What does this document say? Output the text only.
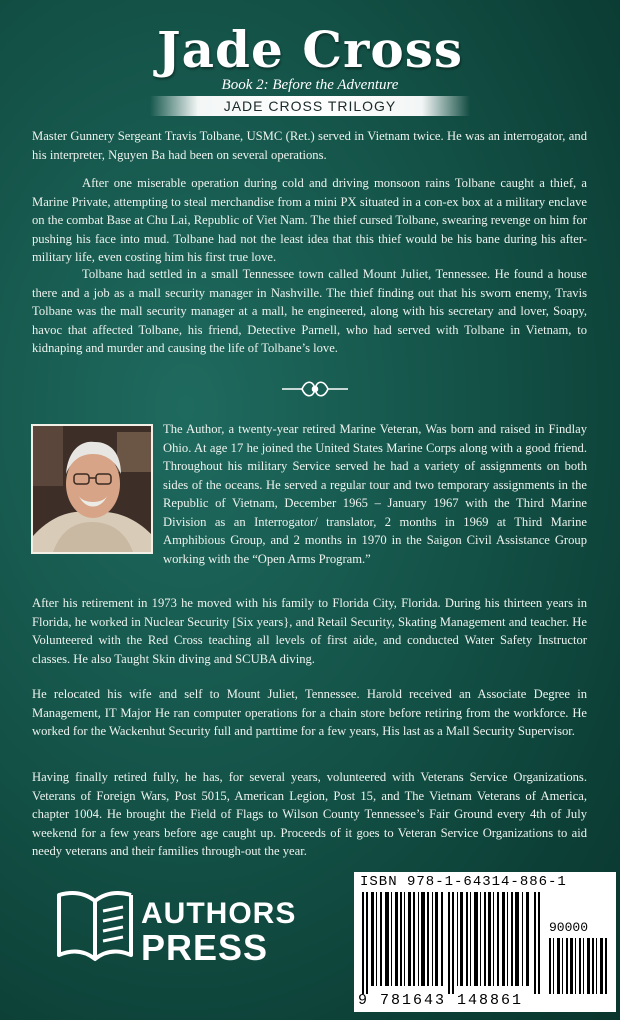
Jade Cross
Book 2: Before the Adventure
JADE CROSS TRILOGY

Master Gunnery Sergeant Travis Tolbane, USMC (Ret.) served in Vietnam twice. He was an interrogator, and his interpreter, Nguyen Ba had been on several operations.

After one miserable operation during cold and driving monsoon rains Tolbane caught a thief, a Marine Private, attempting to steal merchandise from a mini PX situated in a con-ex box at a military enclave on the combat Base at Chu Lai, Republic of Viet Nam. The thief cursed Tolbane, swearing revenge on him for pushing his face into mud. Tolbane had not the least idea that this thief would be his bane during his after-military life, even costing him his first true love.

Tolbane had settled in a small Tennessee town called Mount Juliet, Tennessee. He found a house there and a job as a mall security manager in Nashville. The thief finding out that his sworn enemy, Travis Tolbane was the mall security manager at a mall, he engineered, along with his secretary and lover, Soapy, havoc that affected Tolbane, his friend, Detective Parnell, who had served with Tolbane in Vietnam, to kidnaping and murder and causing the life of Tolbane’s love.

The Author, a twenty-year retired Marine Veteran, Was born and raised in Findlay Ohio. At age 17 he joined the United States Marine Corps along with a good friend. Throughout his military Service served he had a variety of assignments on both sides of the oceans. He served a regular tour and two temporary assignments in the Republic of Vietnam, December 1965 – January 1967 with the Third Marine Division as an Interrogator/ translator, 2 months in 1969 at Third Marine Amphibious Group, and 2 months in 1970 in the Saigon Civil Assistance Group working with the “Open Arms Program.”

After his retirement in 1973 he moved with his family to Florida City, Florida. During his thirteen years in Florida, he worked in Nuclear Security [Six years}, and Retail Security, Skating Management and teacher. He Volunteered with the Red Cross teaching all levels of first aide, and conducted Water Safety Instructor classes. He also Taught Skin diving and SCUBA diving.

He relocated his wife and self to Mount Juliet, Tennessee. Harold received an Associate Degree in Management, IT Major He ran computer operations for a chain store before retiring from the workforce. He worked for the Wackenhut Security full and parttime for a few years, His last as a Mall Security Supervisor.

Having finally retired fully, he has, for several years, volunteered with Veterans Service Organizations. Veterans of Foreign Wars, Post 5015, American Legion, Post 15, and The Vietnam Veterans of America, chapter 1004. He brought the Field of Flags to Wilson County Tennessee’s Fair Ground every 4th of July weekend for a few years before age caught up. Proceeds of it goes to Veteran Service Organizations to aid needy veterans and their families through-out the year.

AUTHORS
PRESS
ISBN 978-1-64314-886-1
90000
9 781643 148861
